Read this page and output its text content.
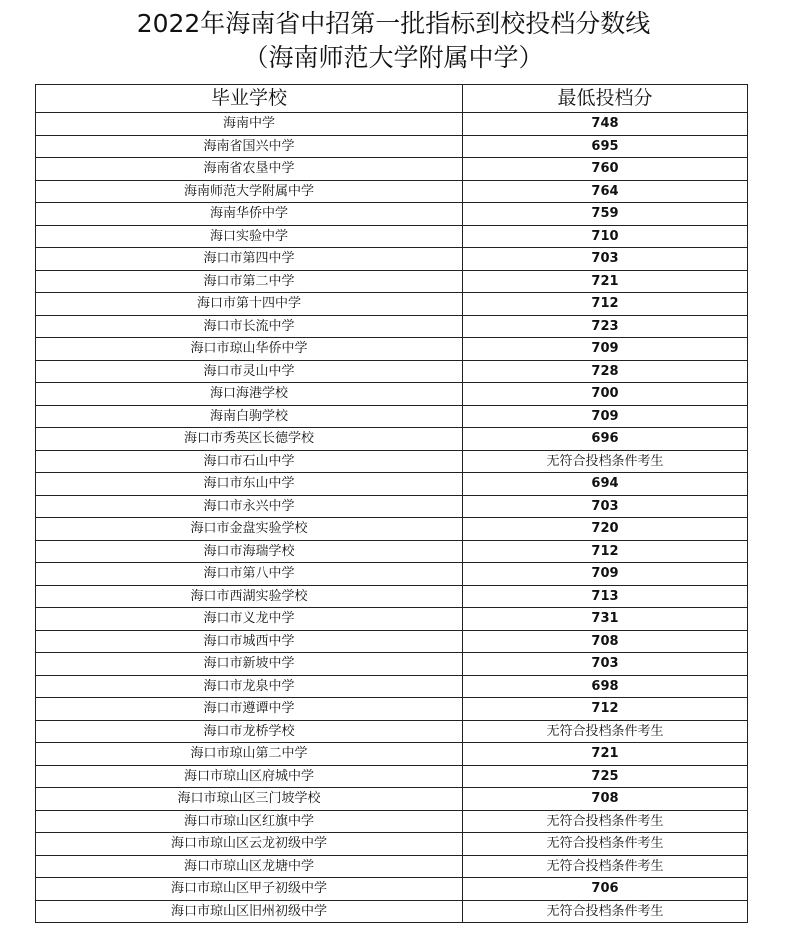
2022年海南省中招第一批指标到校投档分数线
（海南师范大学附属中学）
毕业学校	最低投档分
海南中学	748
海南省国兴中学	695
海南省农垦中学	760
海南师范大学附属中学	764
海南华侨中学	759
海口实验中学	710
海口市第四中学	703
海口市第二中学	721
海口市第十四中学	712
海口市长流中学	723
海口市琼山华侨中学	709
海口市灵山中学	728
海口海港学校	700
海南白驹学校	709
海口市秀英区长德学校	696
海口市石山中学	无符合投档条件考生
海口市东山中学	694
海口市永兴中学	703
海口市金盘实验学校	720
海口市海瑞学校	712
海口市第八中学	709
海口市西湖实验学校	713
海口市义龙中学	731
海口市城西中学	708
海口市新坡中学	703
海口市龙泉中学	698
海口市遵谭中学	712
海口市龙桥学校	无符合投档条件考生
海口市琼山第二中学	721
海口市琼山区府城中学	725
海口市琼山区三门坡学校	708
海口市琼山区红旗中学	无符合投档条件考生
海口市琼山区云龙初级中学	无符合投档条件考生
海口市琼山区龙塘中学	无符合投档条件考生
海口市琼山区甲子初级中学	706
海口市琼山区旧州初级中学	无符合投档条件考生
